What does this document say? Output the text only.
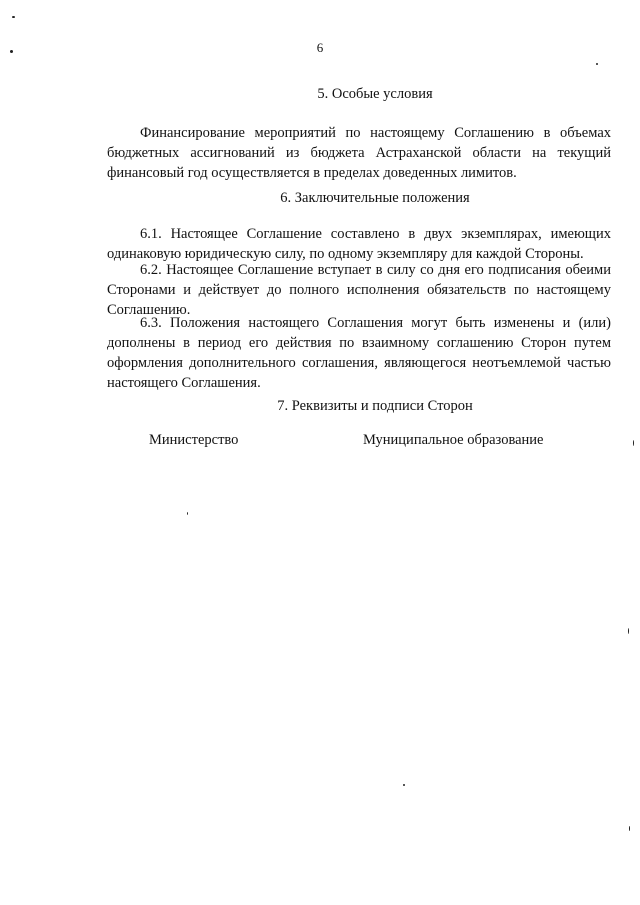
6
5. Особые условия

Финансирование мероприятий по настоящему Соглашению в объемах бюджетных ассигнований из бюджета Астраханской области на текущий финансовый год осуществляется в пределах доведенных лимитов.

6. Заключительные положения

6.1. Настоящее Соглашение составлено в двух экземплярах, имеющих одинаковую юридическую силу, по одному экземпляру для каждой Стороны.

6.2. Настоящее Соглашение вступает в силу со дня его подписания обеими Сторонами и действует до полного исполнения обязательств по настоящему Соглашению.

6.3. Положения настоящего Соглашения могут быть изменены и (или) дополнены в период его действия по взаимному соглашению Сторон путем оформления дополнительного соглашения, являющегося неотъемлемой частью настоящего Соглашения.

7. Реквизиты и подписи Сторон
Министерство	Муниципальное образование
